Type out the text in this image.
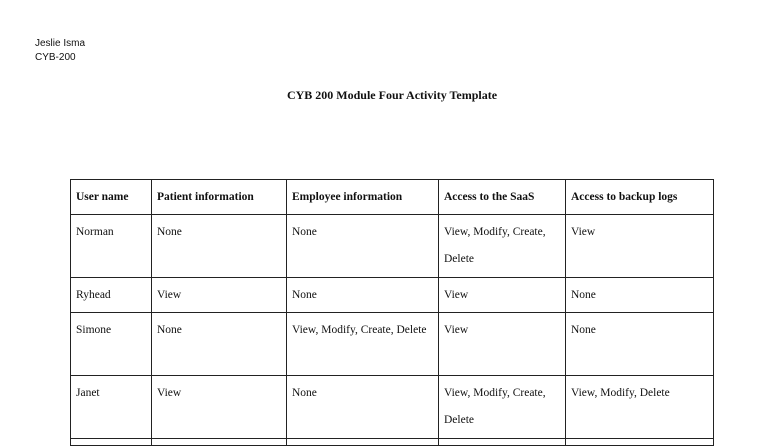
Jeslie Isma
CYB-200
CYB 200 Module Four Activity Template
User name	Patient information	Employee information	Access to the SaaS	Access to backup logs
Norman	None	None	View, Modify, Create, Delete	View
Ryhead	View	None	View	None
Simone	None	View, Modify, Create, Delete	View	None
Janet	View	None	View, Modify, Create, Delete	View, Modify, Delete
